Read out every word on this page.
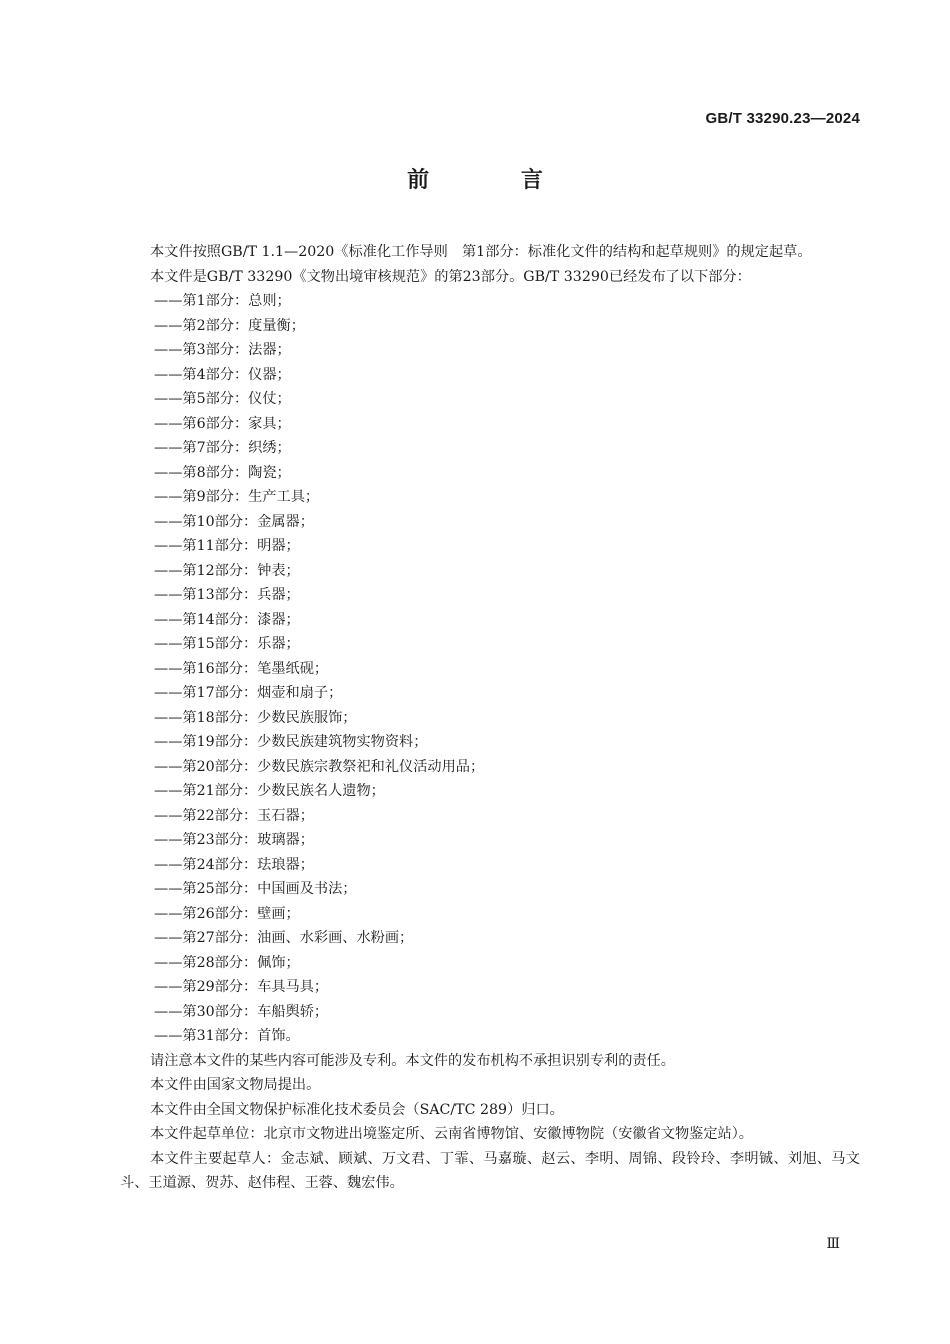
GB/T 33290.23—2024
前 言

本文件按照GB/T 1.1—2020《标准化工作导则　第1部分：标准化文件的结构和起草规则》的规定起草。

本文件是GB/T 33290《文物出境审核规范》的第23部分。GB/T 33290已经发布了以下部分：

——第1部分：总则；
——第2部分：度量衡；
——第3部分：法器；
——第4部分：仪器；
——第5部分：仪仗；
——第6部分：家具；
——第7部分：织绣；
——第8部分：陶瓷；
——第9部分：生产工具；
——第10部分：金属器；
——第11部分：明器；
——第12部分：钟表；
——第13部分：兵器；
——第14部分：漆器；
——第15部分：乐器；
——第16部分：笔墨纸砚；
——第17部分：烟壶和扇子；
——第18部分：少数民族服饰；
——第19部分：少数民族建筑物实物资料；
——第20部分：少数民族宗教祭祀和礼仪活动用品；
——第21部分：少数民族名人遗物；
——第22部分：玉石器；
——第23部分：玻璃器；
——第24部分：珐琅器；
——第25部分：中国画及书法；
——第26部分：壁画；
——第27部分：油画、水彩画、水粉画；
——第28部分：佩饰；
——第29部分：车具马具；
——第30部分：车船舆轿；
——第31部分：首饰。

请注意本文件的某些内容可能涉及专利。本文件的发布机构不承担识别专利的责任。

本文件由国家文物局提出。

本文件由全国文物保护标准化技术委员会（SAC/TC 289）归口。

本文件起草单位：北京市文物进出境鉴定所、云南省博物馆、安徽博物院（安徽省文物鉴定站）。

本文件主要起草人：金志斌、顾斌、万文君、丁霏、马嘉璇、赵云、李明、周锦、段铃玲、李明铖、刘旭、马文斗、王道源、贺苏、赵伟程、王蓉、魏宏伟。

Ⅲ
